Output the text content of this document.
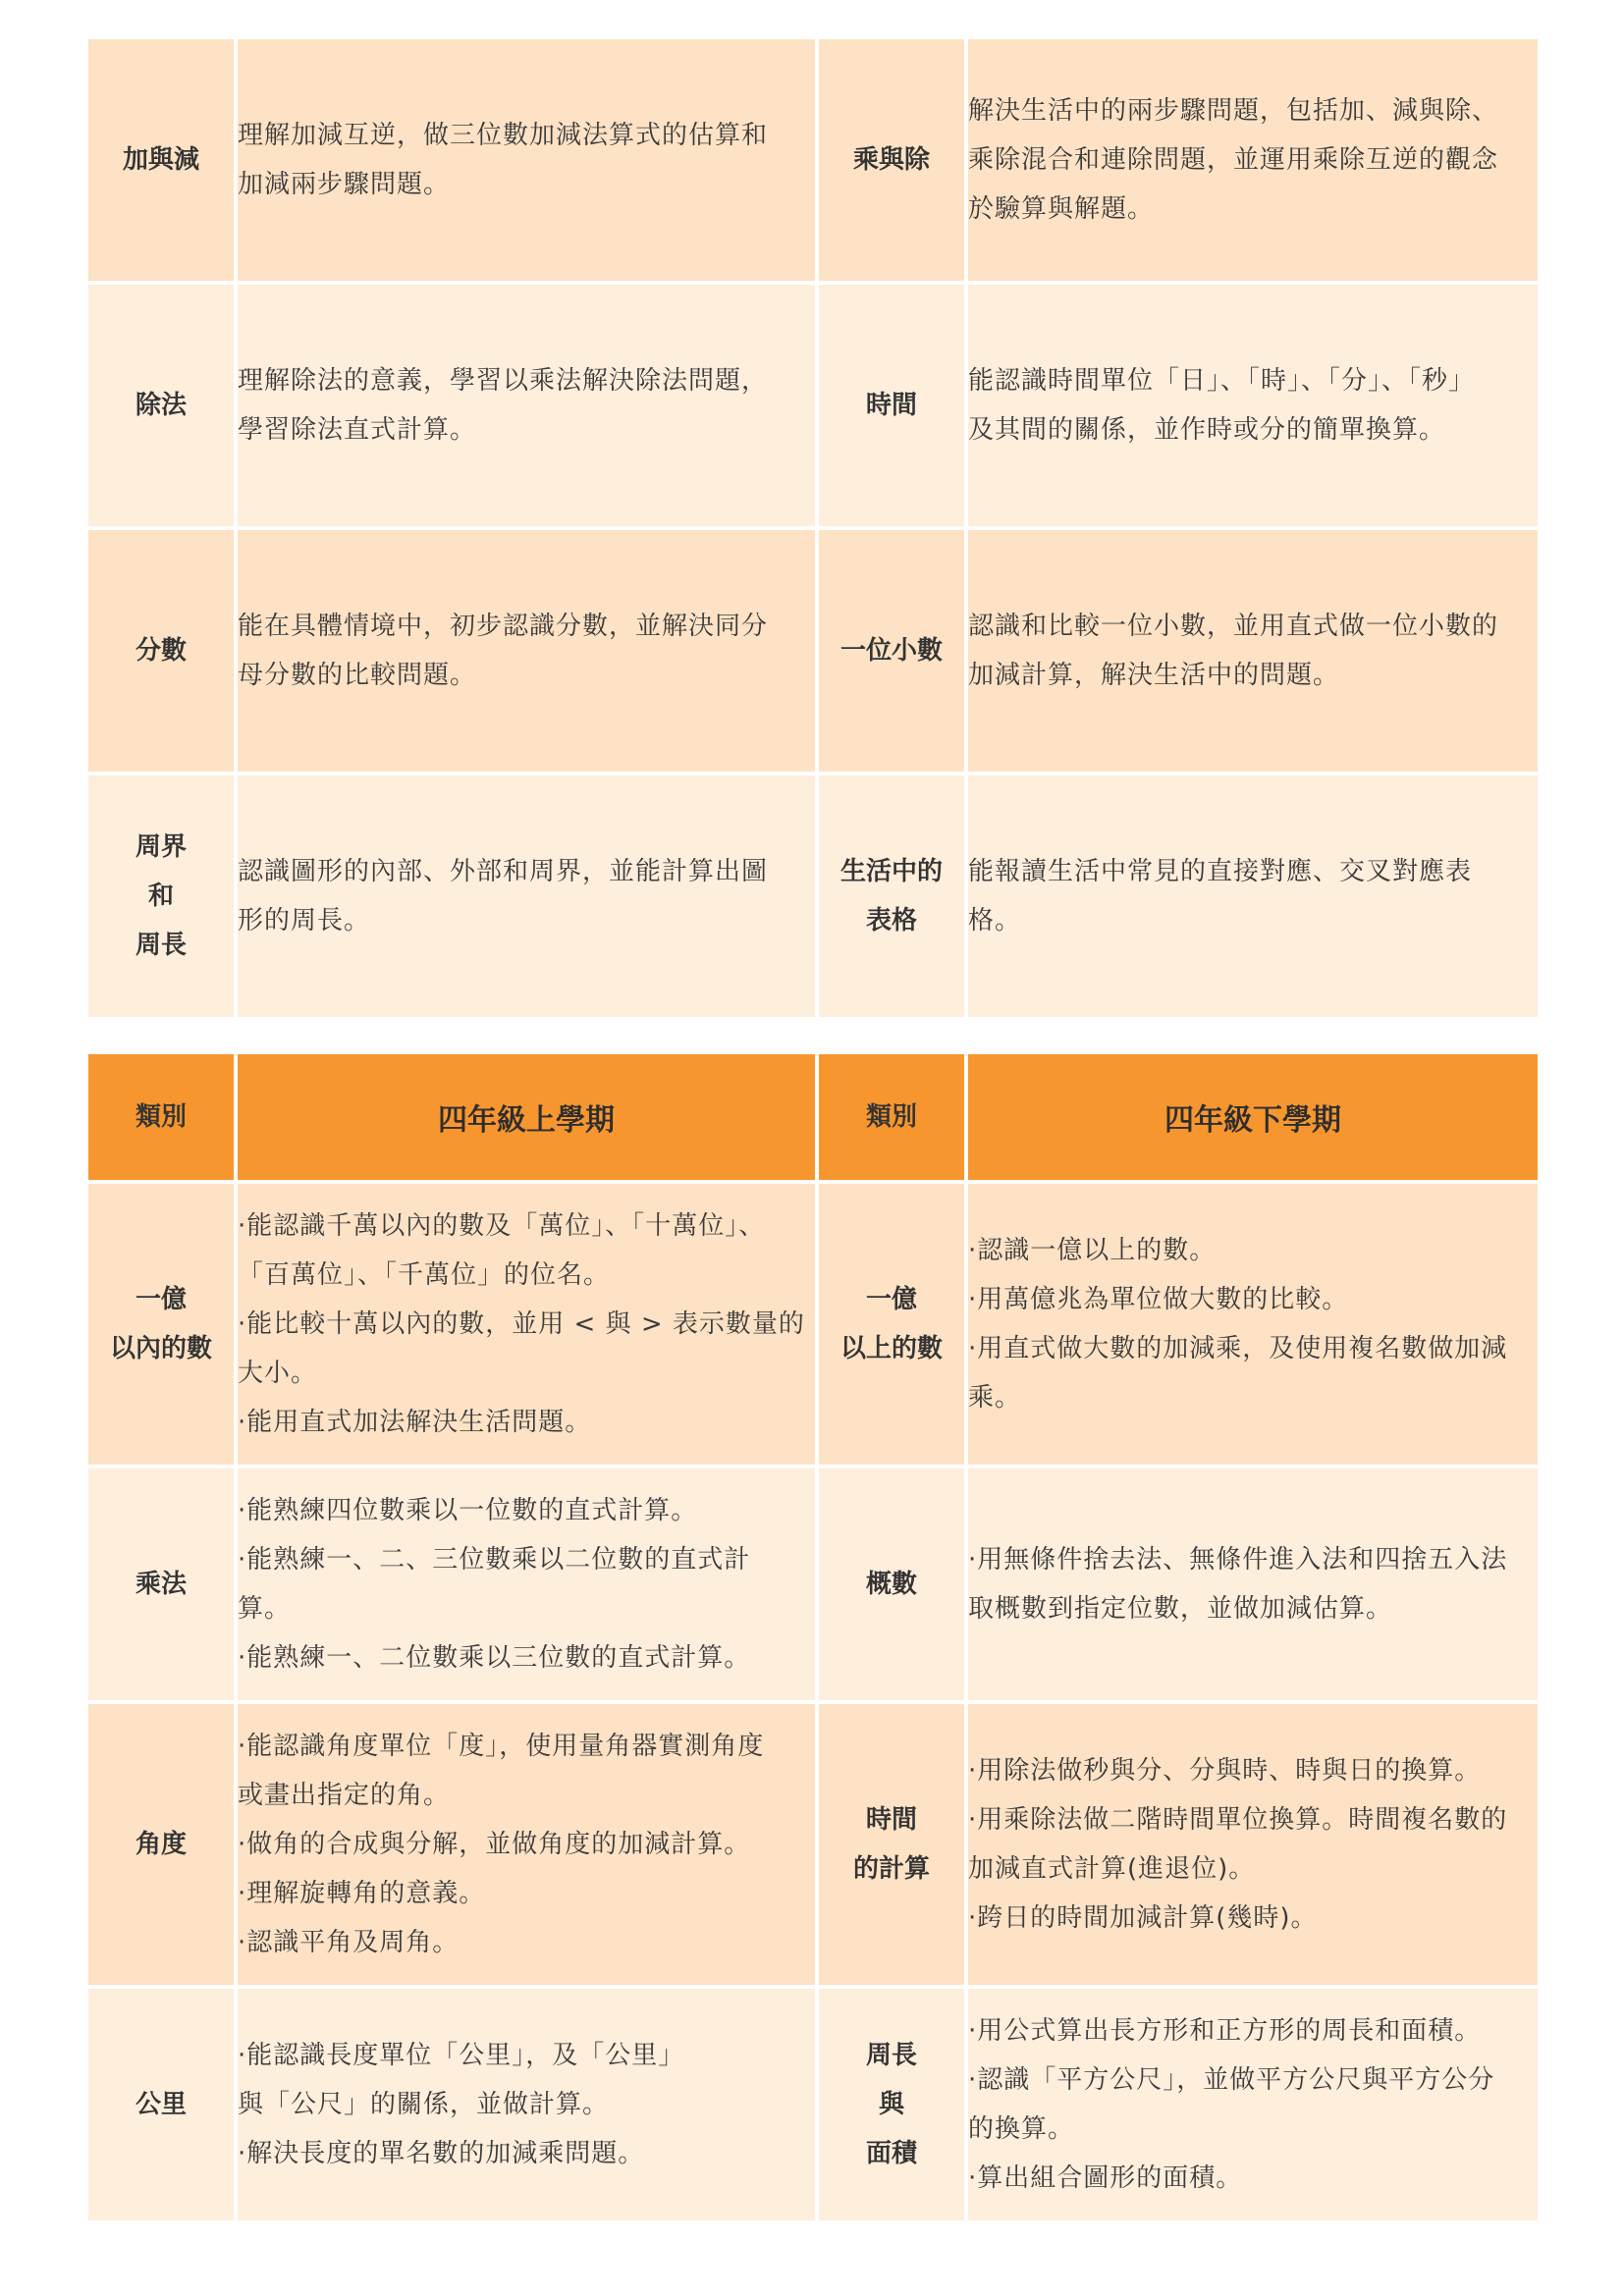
加與減	理解加減互逆，做三位數加減法算式的估算和
加減兩步驟問題。	乘與除	解決生活中的兩步驟問題，包括加、減與除、
乘除混合和連除問題，並運用乘除互逆的觀念
於驗算與解題。

除法	理解除法的意義，學習以乘法解決除法問題，
學習除法直式計算。	時間	能認識時間單位「日」、「時」、「分」、「秒」
及其間的關係，並作時或分的簡單換算。

分數	能在具體情境中，初步認識分數，並解決同分
母分數的比較問題。	一位小數	認識和比較一位小數，並用直式做一位小數的
加減計算，解決生活中的問題。

周界
和
周長	認識圖形的內部、外部和周界，並能計算出圖
形的周長。	生活中的
表格	能報讀生活中常見的直接對應、交叉對應表
格。
類別	四年級上學期	類別	四年級下學期

一億
以內的數	·能認識千萬以內的數及「萬位」、「十萬位」、
「百萬位」、「千萬位」的位名。
·能比較十萬以內的數，並用 < 與 > 表示數量的
大小。
·能用直式加法解決生活問題。	一億
以上的數	·認識一億以上的數。
·用萬億兆為單位做大數的比較。
·用直式做大數的加減乘，及使用複名數做加減
乘。

乘法	·能熟練四位數乘以一位數的直式計算。
·能熟練一、二、三位數乘以二位數的直式計
算。
·能熟練一、二位數乘以三位數的直式計算。	概數	·用無條件捨去法、無條件進入法和四捨五入法
取概數到指定位數，並做加減估算。

角度	·能認識角度單位「度」，使用量角器實測角度
或畫出指定的角。
·做角的合成與分解，並做角度的加減計算。
·理解旋轉角的意義。
·認識平角及周角。	時間
的計算	·用除法做秒與分、分與時、時與日的換算。
·用乘除法做二階時間單位換算。時間複名數的
加減直式計算(進退位)。
·跨日的時間加減計算(幾時)。

公里	·能認識長度單位「公里」，及「公里」
與「公尺」的關係，並做計算。
·解決長度的單名數的加減乘問題。	周長
與
面積	·用公式算出長方形和正方形的周長和面積。
·認識「平方公尺」，並做平方公尺與平方公分
的換算。
·算出組合圖形的面積。
